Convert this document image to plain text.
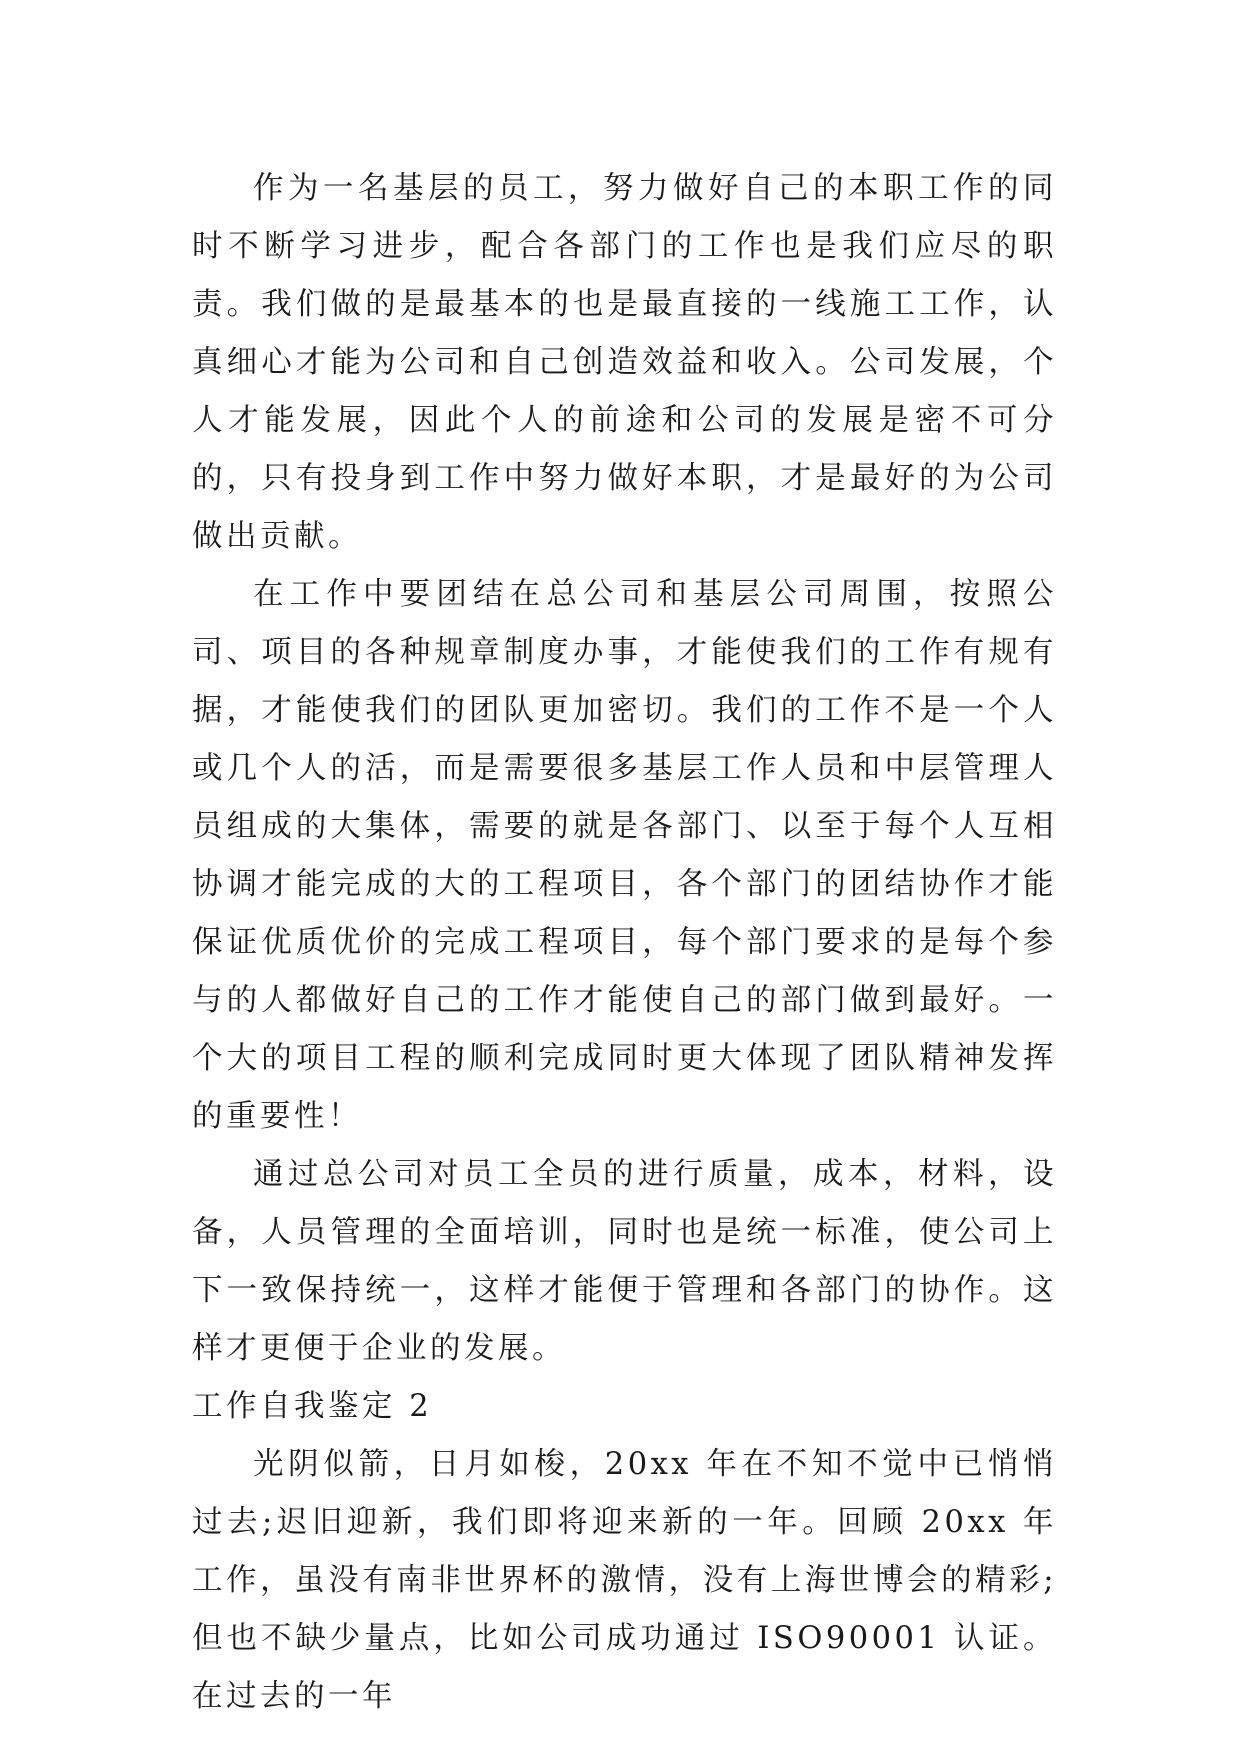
作为一名基层的员工，努力做好自己的本职工作的同时不断学习进步，配合各部门的工作也是我们应尽的职责。我们做的是最基本的也是最直接的一线施工工作，认真细心才能为公司和自己创造效益和收入。公司发展，个人才能发展，因此个人的前途和公司的发展是密不可分的，只有投身到工作中努力做好本职，才是最好的为公司做出贡献。

在工作中要团结在总公司和基层公司周围，按照公司、项目的各种规章制度办事，才能使我们的工作有规有据，才能使我们的团队更加密切。我们的工作不是一个人或几个人的活，而是需要很多基层工作人员和中层管理人员组成的大集体，需要的就是各部门、以至于每个人互相协调才能完成的大的工程项目，各个部门的团结协作才能保证优质优价的完成工程项目，每个部门要求的是每个参与的人都做好自己的工作才能使自己的部门做到最好。一个大的项目工程的顺利完成同时更大体现了团队精神发挥的重要性！

通过总公司对员工全员的进行质量，成本，材料，设备，人员管理的全面培训，同时也是统一标准，使公司上下一致保持统一，这样才能便于管理和各部门的协作。这样才更便于企业的发展。

工作自我鉴定 2

光阴似箭，日月如梭，20xx 年在不知不觉中已悄悄过去;迟旧迎新，我们即将迎来新的一年。回顾 20xx 年工作，虽没有南非世界杯的激情，没有上海世博会的精彩;但也不缺少量点，比如公司成功通过 ISO90001 认证。在过去的一年
